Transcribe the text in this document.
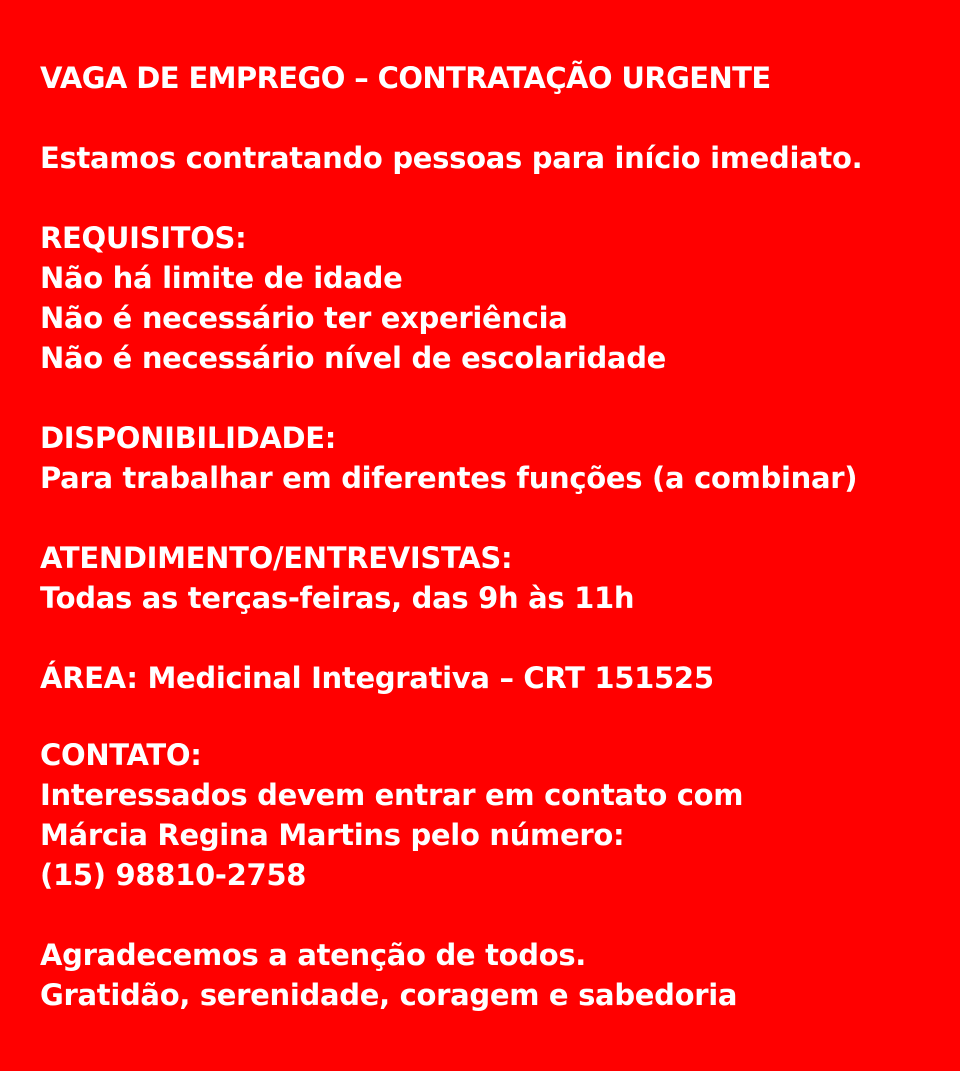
VAGA DE EMPREGO – CONTRATAÇÃO URGENTE
Estamos contratando pessoas para início imediato.
REQUISITOS:
Não há limite de idade
Não é necessário ter experiência
Não é necessário nível de escolaridade
DISPONIBILIDADE:
Para trabalhar em diferentes funções (a combinar)
ATENDIMENTO/ENTREVISTAS:
Todas as terças-feiras, das 9h às 11h
ÁREA: Medicinal Integrativa – CRT 151525
CONTATO:
Interessados devem entrar em contato com
Márcia Regina Martins pelo número:
(15) 98810-2758
Agradecemos a atenção de todos.
Gratidão, serenidade, coragem e sabedoria
